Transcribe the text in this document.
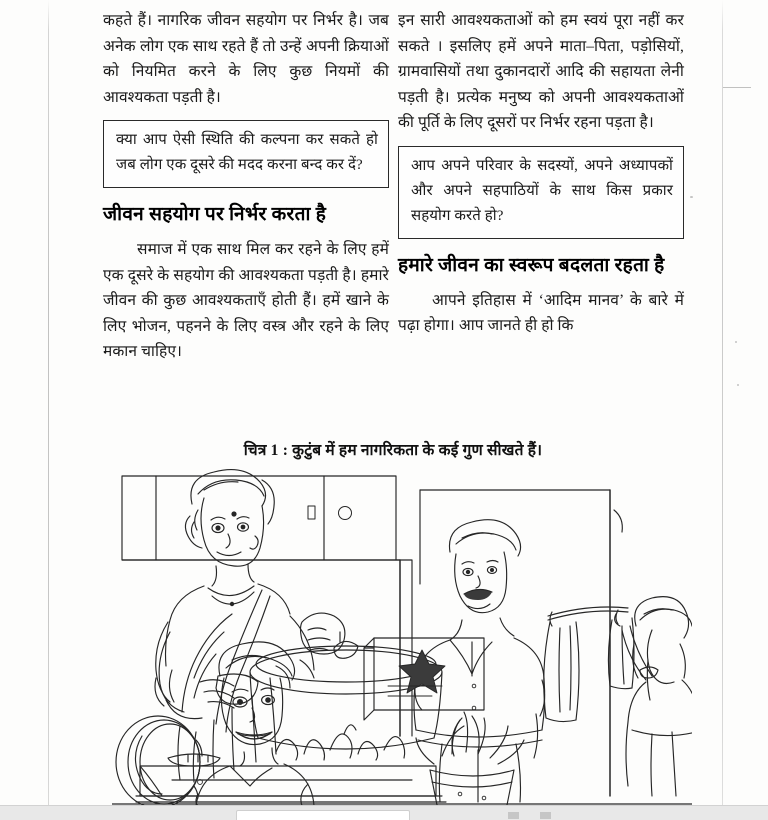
कहते हैं। नागरिक जीवन सहयोग पर निर्भर है। जब अनेक लोग एक साथ रहते हैं तो उन्हें अपनी क्रियाओं को नियमित करने के लिए कुछ नियमों की आवश्यकता पड़ती है।

क्या आप ऐसी स्थिति की कल्पना कर सकते हो जब लोग एक दूसरे की मदद करना बन्द कर दें?

जीवन सहयोग पर निर्भर करता है

समाज में एक साथ मिल कर रहने के लिए हमें एक दूसरे के सहयोग की आवश्यकता पड़ती है। हमारे जीवन की कुछ आवश्यकताएँ होती हैं। हमें खाने के लिए भोजन, पहनने के लिए वस्त्र और रहने के लिए मकान चाहिए।

इन सारी आवश्यकताओं को हम स्वयं पूरा नहीं कर सकते । इसलिए हमें अपने माता–पिता, पड़ोसियों, ग्रामवासियों तथा दुकानदारों आदि की सहायता लेनी पड़ती है। प्रत्येक मनुष्य को अपनी आवश्यकताओं की पूर्ति के लिए दूसरों पर निर्भर रहना पड़ता है।

आप अपने परिवार के सदस्यों, अपने अध्यापकों और अपने सहपाठियों के साथ किस प्रकार सहयोग करते हो?

हमारे जीवन का स्वरूप बदलता रहता है

आपने इतिहास में ‘आदिम मानव’ के बारे में पढ़ा होगा। आप जानते ही हो कि

चित्र 1 : कुटुंब में हम नागरिकता के कई गुण सीखते हैं।
